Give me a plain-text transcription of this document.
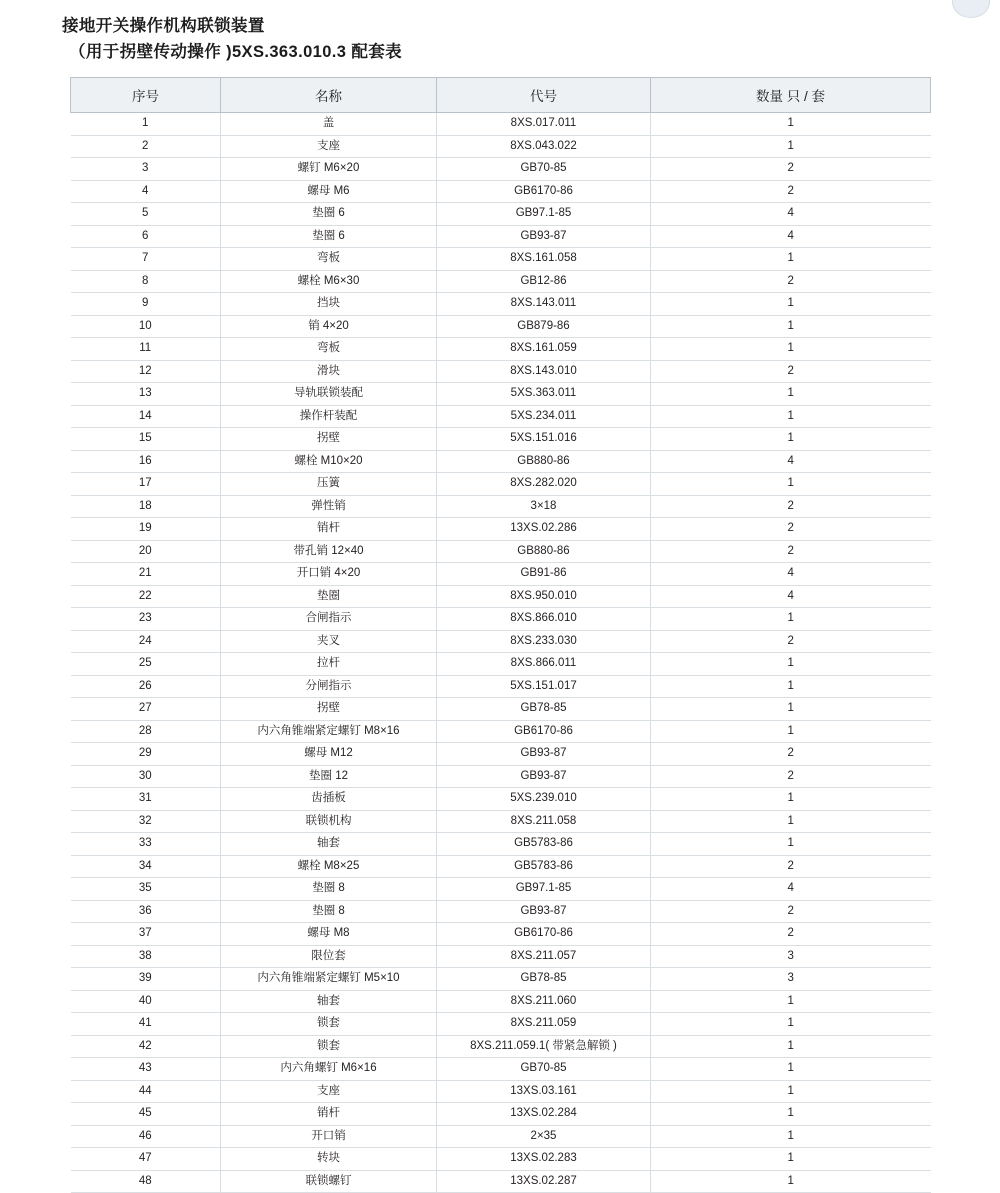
接地开关操作机构联锁装置
（用于拐壁传动操作 )5XS.363.010.3 配套表
序号	名称	代号	数量 只 / 套
1	盖	8XS.017.011	1
2	支座	8XS.043.022	1
3	螺钉 M6×20	GB70-85	2
4	螺母 M6	GB6170-86	2
5	垫圈 6	GB97.1-85	4
6	垫圈 6	GB93-87	4
7	弯板	8XS.161.058	1
8	螺栓 M6×30	GB12-86	2
9	挡块	8XS.143.011	1
10	销 4×20	GB879-86	1
11	弯板	8XS.161.059	1
12	滑块	8XS.143.010	2
13	导轨联锁装配	5XS.363.011	1
14	操作杆装配	5XS.234.011	1
15	拐壁	5XS.151.016	1
16	螺栓 M10×20	GB880-86	4
17	压簧	8XS.282.020	1
18	弹性销	3×18	2
19	销杆	13XS.02.286	2
20	带孔销 12×40	GB880-86	2
21	开口销 4×20	GB91-86	4
22	垫圈	8XS.950.010	4
23	合闸指示	8XS.866.010	1
24	夹叉	8XS.233.030	2
25	拉杆	8XS.866.011	1
26	分闸指示	5XS.151.017	1
27	拐壁	GB78-85	1
28	内六角锥端紧定螺钉 M8×16	GB6170-86	1
29	螺母 M12	GB93-87	2
30	垫圈 12	GB93-87	2
31	齿插板	5XS.239.010	1
32	联锁机构	8XS.211.058	1
33	轴套	GB5783-86	1
34	螺栓 M8×25	GB5783-86	2
35	垫圈 8	GB97.1-85	4
36	垫圈 8	GB93-87	2
37	螺母 M8	GB6170-86	2
38	限位套	8XS.211.057	3
39	内六角锥端紧定螺钉 M5×10	GB78-85	3
40	轴套	8XS.211.060	1
41	锁套	8XS.211.059	1
42	锁套	8XS.211.059.1( 带紧急解锁 )	1
43	内六角螺钉 M6×16	GB70-85	1
44	支座	13XS.03.161	1
45	销杆	13XS.02.284	1
46	开口销	2×35	1
47	转块	13XS.02.283	1
48	联锁螺钉	13XS.02.287	1
